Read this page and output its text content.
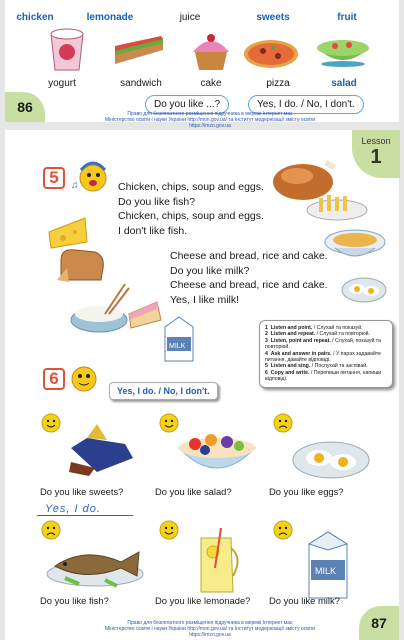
chicken	lemonade	juice	sweets	fruit
yogurt	sandwich	cake	pizza	salad
86	Do you like ...?	Yes, I do. / No, I don't.
Право для безоплатного розміщення підручника в мережі Інтернет має
Міністерство освіти і науки України http://mon.gov.ua/ та Інститут модернізації змісту освіти https://imzo.gov.ua
Lesson
1
5	♫	Chicken, chips, soup and eggs.
Do you like fish?
Chicken, chips, soup and eggs.
I don't like fish.
MILK
Cheese and bread, rice and cake.
Do you like milk?
Cheese and bread, rice and cake.
Yes, I like milk!
1 Listen and point. / Слухай та показуй.
2 Listen and repeat. / Слухай та повторюй.
3 Listen, point and repeat. / Слухай, показуй та повторюй.
4 Ask and answer in pairs. / У парах задавайте питання, давайте відповіді.
5 Listen and sing. / Послухай та заспівай.
6 Copy and write. / Перепиши питання, напиши відповіді.
6
Yes, I do. / No, I don't.
Do you like sweets?	Do you like salad?	Do you like eggs?
Yes, I do.
MILK
Do you like fish?	Do you like lemonade? Do you like milk?
Право для безоплатного розміщення підручника в мережі Інтернет має
Міністерство освіти і науки України http://mon.gov.ua/ та Інститут модернізації змісту освіти https://imzo.gov.ua
87
